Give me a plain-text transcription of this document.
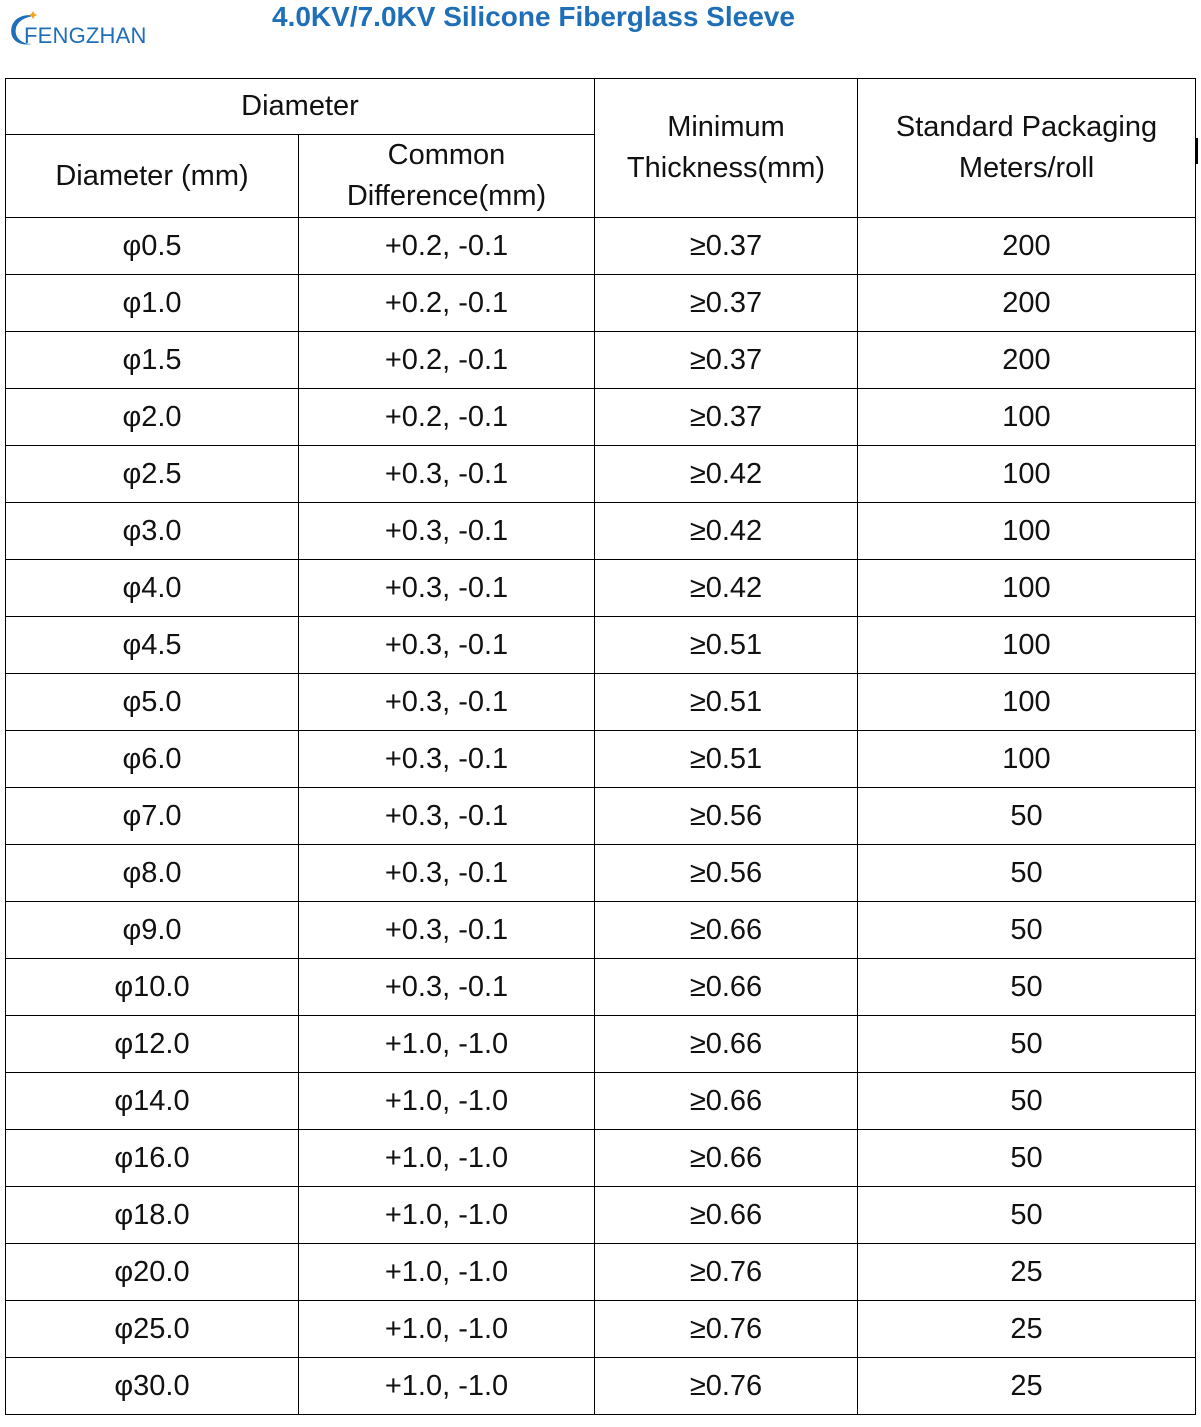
FENGZHAN
4.0KV/7.0KV Silicone Fiberglass Sleeve
Diameter		Minimum Thickness(mm)	Standard Packaging Meters/roll

Diameter (mm)	Common Difference(mm)		

φ0.5	+0.2, -0.1	≥0.37	200
φ1.0	+0.2, -0.1	≥0.37	200
φ1.5	+0.2, -0.1	≥0.37	200
φ2.0	+0.2, -0.1	≥0.37	100
φ2.5	+0.3, -0.1	≥0.42	100
φ3.0	+0.3, -0.1	≥0.42	100
φ4.0	+0.3, -0.1	≥0.42	100
φ4.5	+0.3, -0.1	≥0.51	100
φ5.0	+0.3, -0.1	≥0.51	100
φ6.0	+0.3, -0.1	≥0.51	100
φ7.0	+0.3, -0.1	≥0.56	50
φ8.0	+0.3, -0.1	≥0.56	50
φ9.0	+0.3, -0.1	≥0.66	50
φ10.0	+0.3, -0.1	≥0.66	50
φ12.0	+1.0, -1.0	≥0.66	50
φ14.0	+1.0, -1.0	≥0.66	50
φ16.0	+1.0, -1.0	≥0.66	50
φ18.0	+1.0, -1.0	≥0.66	50
φ20.0	+1.0, -1.0	≥0.76	25
φ25.0	+1.0, -1.0	≥0.76	25
φ30.0	+1.0, -1.0	≥0.76	25
